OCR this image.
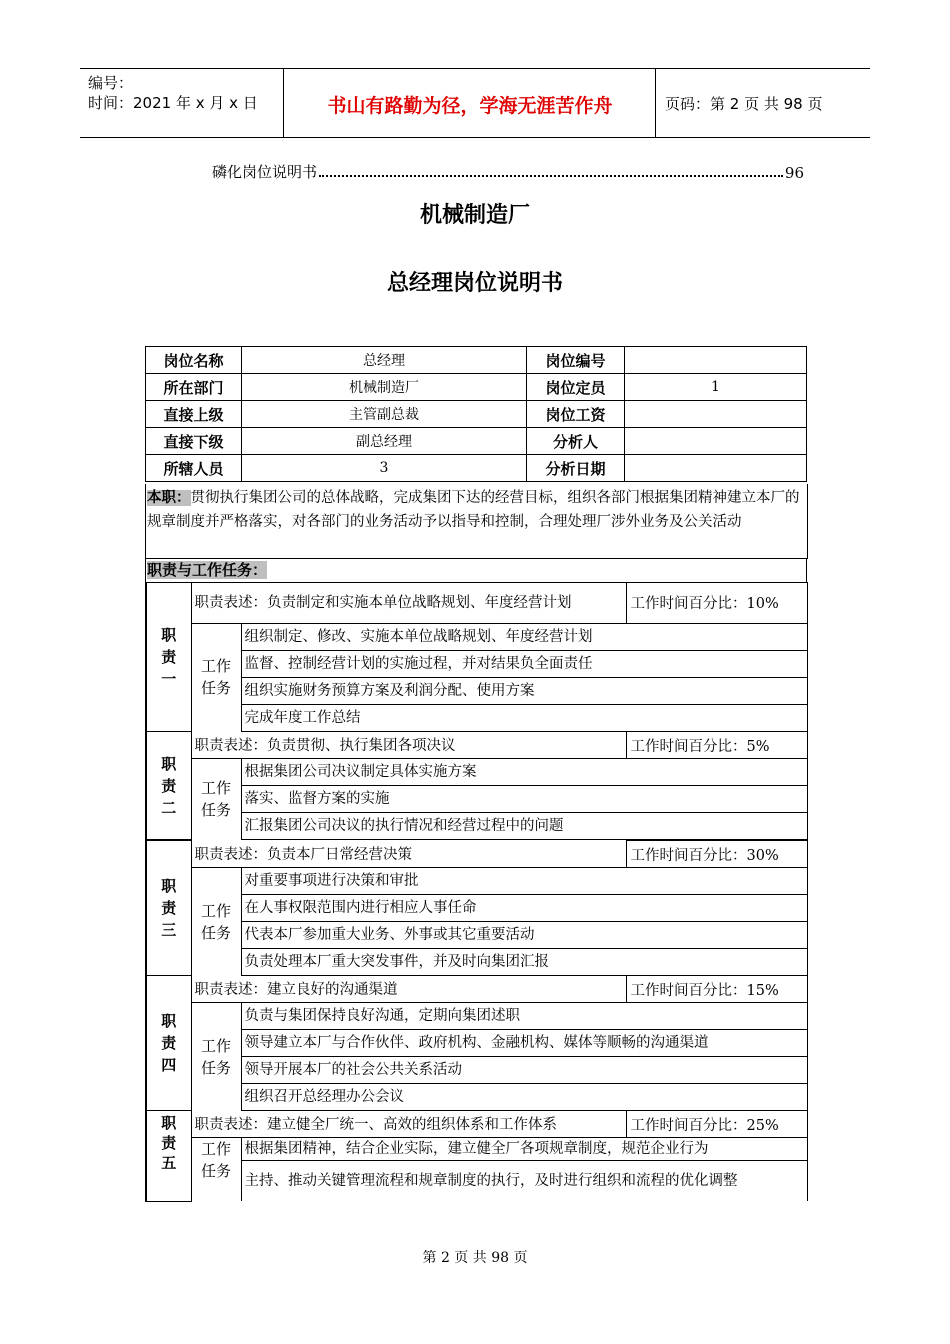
编号：
时间：2021 年 x 月 x 日	书山有路勤为径，学海无涯苦作舟	页码：第 2 页 共 98 页
磷化岗位说明书	96
机械制造厂
总经理岗位说明书
岗位名称	总经理	岗位编号	
所在部门	机械制造厂	岗位定员	1
直接上级	主管副总裁	岗位工资	
直接下级	副总经理	分析人	
所辖人员	3	分析日期	
本职：贯彻执行集团公司的总体战略，完成集团下达的经营目标，组织各部门根据集团精神建立本厂的规章制度并严格落实，对各部门的业务活动予以指导和控制，合理处理厂涉外业务及公关活动
职责与工作任务：
职责一	职责表述：负责制定和实施本单位战略规划、年度经营计划		工作时间百分比：10%
	工作任务	组织制定、修改、实施本单位战略规划、年度经营计划	
		监督、控制经营计划的实施过程，并对结果负全面责任	
		组织实施财务预算方案及利润分配、使用方案	
		完成年度工作总结	
职责二	职责表述：负责贯彻、执行集团各项决议		工作时间百分比：5%
	工作任务	根据集团公司决议制定具体实施方案	
		落实、监督方案的实施	
		汇报集团公司决议的执行情况和经营过程中的问题	
职责三	职责表述：负责本厂日常经营决策		工作时间百分比：30%
	工作任务	对重要事项进行决策和审批	
		在人事权限范围内进行相应人事任命	
		代表本厂参加重大业务、外事或其它重要活动	
		负责处理本厂重大突发事件，并及时向集团汇报	
职责四	职责表述：建立良好的沟通渠道		工作时间百分比：15%
	工作任务	负责与集团保持良好沟通，定期向集团述职	
		领导建立本厂与合作伙伴、政府机构、金融机构、媒体等顺畅的沟通渠道	
		领导开展本厂的社会公共关系活动	
		组织召开总经理办公会议	
职责五	职责表述：建立健全厂统一、高效的组织体系和工作体系		工作时间百分比：25%
	工作任务	根据集团精神，结合企业实际，建立健全厂各项规章制度，规范企业行为	
		主持、推动关键管理流程和规章制度的执行，及时进行组织和流程的优化调整	
第 2 页 共 98 页
